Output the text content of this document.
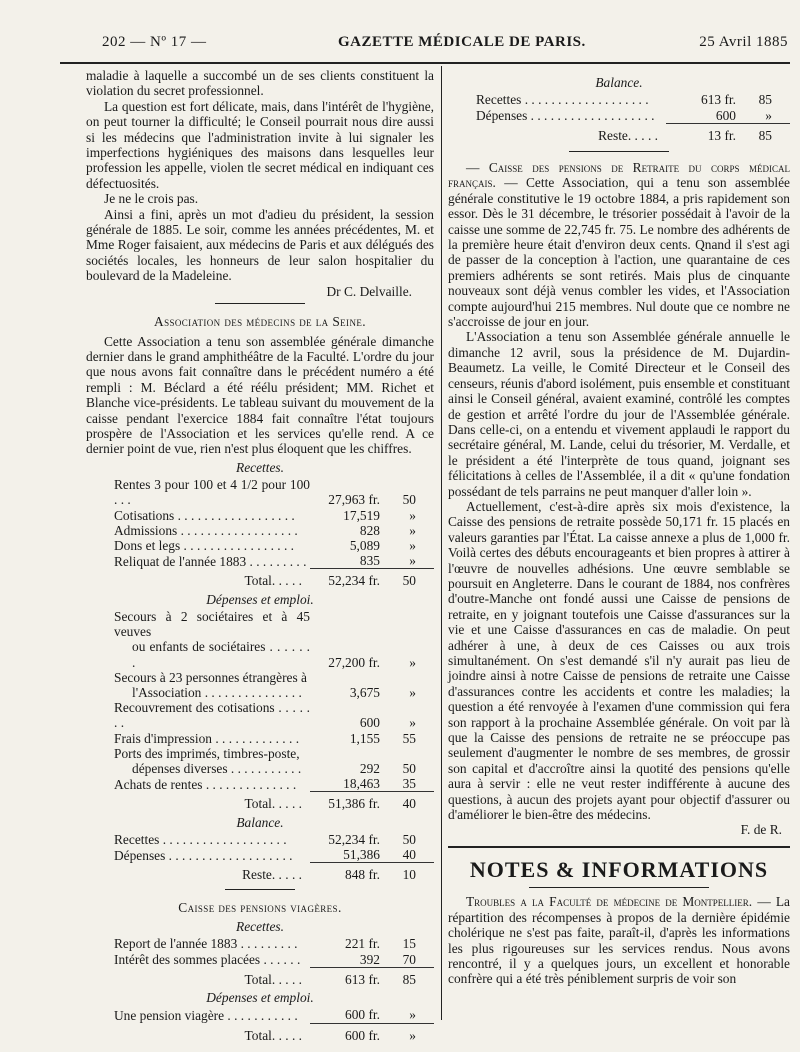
202 — Nº 17 —	GAZETTE MÉDICALE DE PARIS.	25 Avril 1885

maladie à laquelle a succombé un de ses clients constituent la violation du secret professionnel.

La question est fort délicate, mais, dans l'intérêt de l'hygiène, on peut tourner la difficulté; le Conseil pourrait nous dire aussi si les médecins que l'administration invite à lui signaler les imperfections hygiéniques des maisons dans lesquelles leur profession les appelle, violen tle secret médical en indiquant ces défectuosités.

Je ne le crois pas.

Ainsi a fini, après un mot d'adieu du président, la session générale de 1885. Le soir, comme les années précédentes, M. et Mme Roger faisaient, aux médecins de Paris et aux délégués des sociétés locales, les honneurs de leur salon hospitalier du boulevard de la Madeleine.

Dr C. Delvaille.
Association des médecins de la Seine.

Cette Association a tenu son assemblée générale dimanche dernier dans le grand amphithéâtre de la Faculté. L'ordre du jour que nous avons fait connaître dans le précédent numéro a été rempli : M. Béclard a été réélu président; MM. Richet et Blanche vice-présidents. Le tableau suivant du mouvement de la caisse pendant l'exercice 1884 fait connaître l'état toujours prospère de l'Association et les services qu'elle rend. A ce dernier point de vue, rien n'est plus éloquent que les chiffres.

Recettes.
Rentes 3 pour 100 et 4 1/2 pour 100 . . .	27,963 fr.	50
Cotisations . . . . . . . . . . . . . . . . . .	17,519	»
Admissions . . . . . . . . . . . . . . . . . .	828	»
Dons et legs . . . . . . . . . . . . . . . . .	5,089	»
Reliquat de l'année 1883 . . . . . . . . .	835	»
Total. . . . .	52,234 fr.	50
Dépenses et emploi.
Secours à 2 sociétaires et à 45 veuves		
ou enfants de sociétaires . . . . . . .	27,200 fr.	»
Secours à 23 personnes étrangères à		
l'Association . . . . . . . . . . . . . . .	3,675	»
Recouvrement des cotisations . . . . . . .	600	»
Frais d'impression . . . . . . . . . . . . .	1,155	55
Ports des imprimés, timbres-poste,		
dépenses diverses . . . . . . . . . . .	292	50
Achats de rentes . . . . . . . . . . . . . .	18,463	35
Total. . . . .	51,386 fr.	40
Balance.
Recettes . . . . . . . . . . . . . . . . . . .	52,234 fr.	50
Dépenses . . . . . . . . . . . . . . . . . . .	51,386	40
Reste. . . . .	848 fr.	10
Caisse des pensions viagères.
Recettes.
Report de l'année 1883 . . . . . . . . .	221 fr.	15
Intérêt des sommes placées . . . . . .	392	70
Total. . . . .	613 fr.	85
Dépenses et emploi.
Une pension viagère . . . . . . . . . . .	600 fr.	»
Total. . . . .	600 fr.	»
Balance.
Recettes . . . . . . . . . . . . . . . . . . .	613 fr.	85
Dépenses . . . . . . . . . . . . . . . . . . .	600	»
Reste. . . . .	13 fr.	85

— Caisse des pensions de Retraite du corps médical français. — Cette Association, qui a tenu son assemblée générale constitutive le 19 octobre 1884, a pris rapidement son essor. Dès le 31 décembre, le trésorier possédait à l'avoir de la caisse une somme de 22,745 fr. 75. Le nombre des adhérents de la première heure était d'environ deux cents. Qnand il s'est agi de passer de la conception à l'action, une quarantaine de ces premiers adhérents se sont retirés. Mais plus de cinquante nouveaux sont déjà venus combler les vides, et l'Association compte aujourd'hui 215 membres. Nul doute que ce nombre ne s'accroisse de jour en jour.

L'Association a tenu son Assemblée générale annuelle le dimanche 12 avril, sous la présidence de M. Dujardin-Beaumetz. La veille, le Comité Directeur et le Conseil des censeurs, réunis d'abord isolément, puis ensemble et constituant ainsi le Conseil général, avaient examiné, contrôlé les comptes de gestion et arrêté l'ordre du jour de l'Assemblée générale. Dans celle-ci, on a entendu et vivement applaudi le rapport du secrétaire général, M. Lande, celui du trésorier, M. Verdalle, et le président a été l'interprète de tous quand, joignant ses félicitations à celles de l'Assemblée, il a dit « qu'une fondation possédant de tels parrains ne peut manquer d'aller loin ».

Actuellement, c'est-à-dire après six mois d'existence, la Caisse des pensions de retraite possède 50,171 fr. 15 placés en valeurs garanties par l'État. La caisse annexe a plus de 1,000 fr. Voilà certes des débuts encourageants et bien propres à attirer à l'œuvre de nouvelles adhésions. Une œuvre semblable se poursuit en Angleterre. Dans le courant de 1884, nos confrères d'outre-Manche ont fondé aussi une Caisse de pensions de retraite, en y joignant toutefois une Caisse d'assurances sur la vie et une Caisse d'assurances en cas de maladie. On peut adhérer à une, à deux de ces Caisses ou aux trois simultanément. On s'est demandé s'il n'y aurait pas lieu de joindre ainsi à notre Caisse de pensions de retraite une Caisse d'assurances contre les accidents et contre les maladies; la question a été renvoyée à l'examen d'une commission qui fera son rapport à la prochaine Assemblée générale. On voit par là que la Caisse des pensions de retraite ne se préoccupe pas seulement d'augmenter le nombre de ses membres, de grossir son capital et d'accroître ainsi la quotité des pensions qu'elle aura à servir : elle ne veut rester indifférente à aucune des questions, à aucun des projets ayant pour objectif d'assurer ou d'améliorer le bien-être des médecins.

F. de R.
NOTES & INFORMATIONS

Troubles a la Faculté de médecine de Montpellier. — La répartition des récompenses à propos de la dernière épidémie cholérique ne s'est pas faite, paraît-il, d'après les informations les plus rigoureuses sur les services rendus. Nous avons rencontré, il y a quelques jours, un excellent et honorable confrère qui a été très péniblement surpris de voir son
